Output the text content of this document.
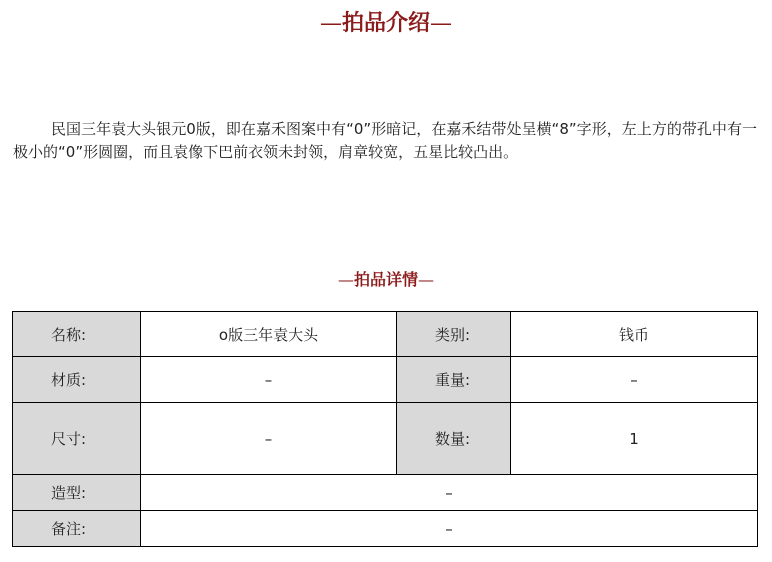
—拍品介绍—

民国三年袁大头银元0版，即在嘉禾图案中有“0”形暗记，在嘉禾结带处呈横“8”字形，左上方的带孔中有一极小的“0”形圆圈，而且袁像下巴前衣领未封领，肩章较宽，五星比较凸出。

—拍品详情—
名称:	o版三年袁大头	类别:	钱币
材质:	–	重量:	–
尺寸:	–	数量:	1
造型:	–		
备注:	–		
